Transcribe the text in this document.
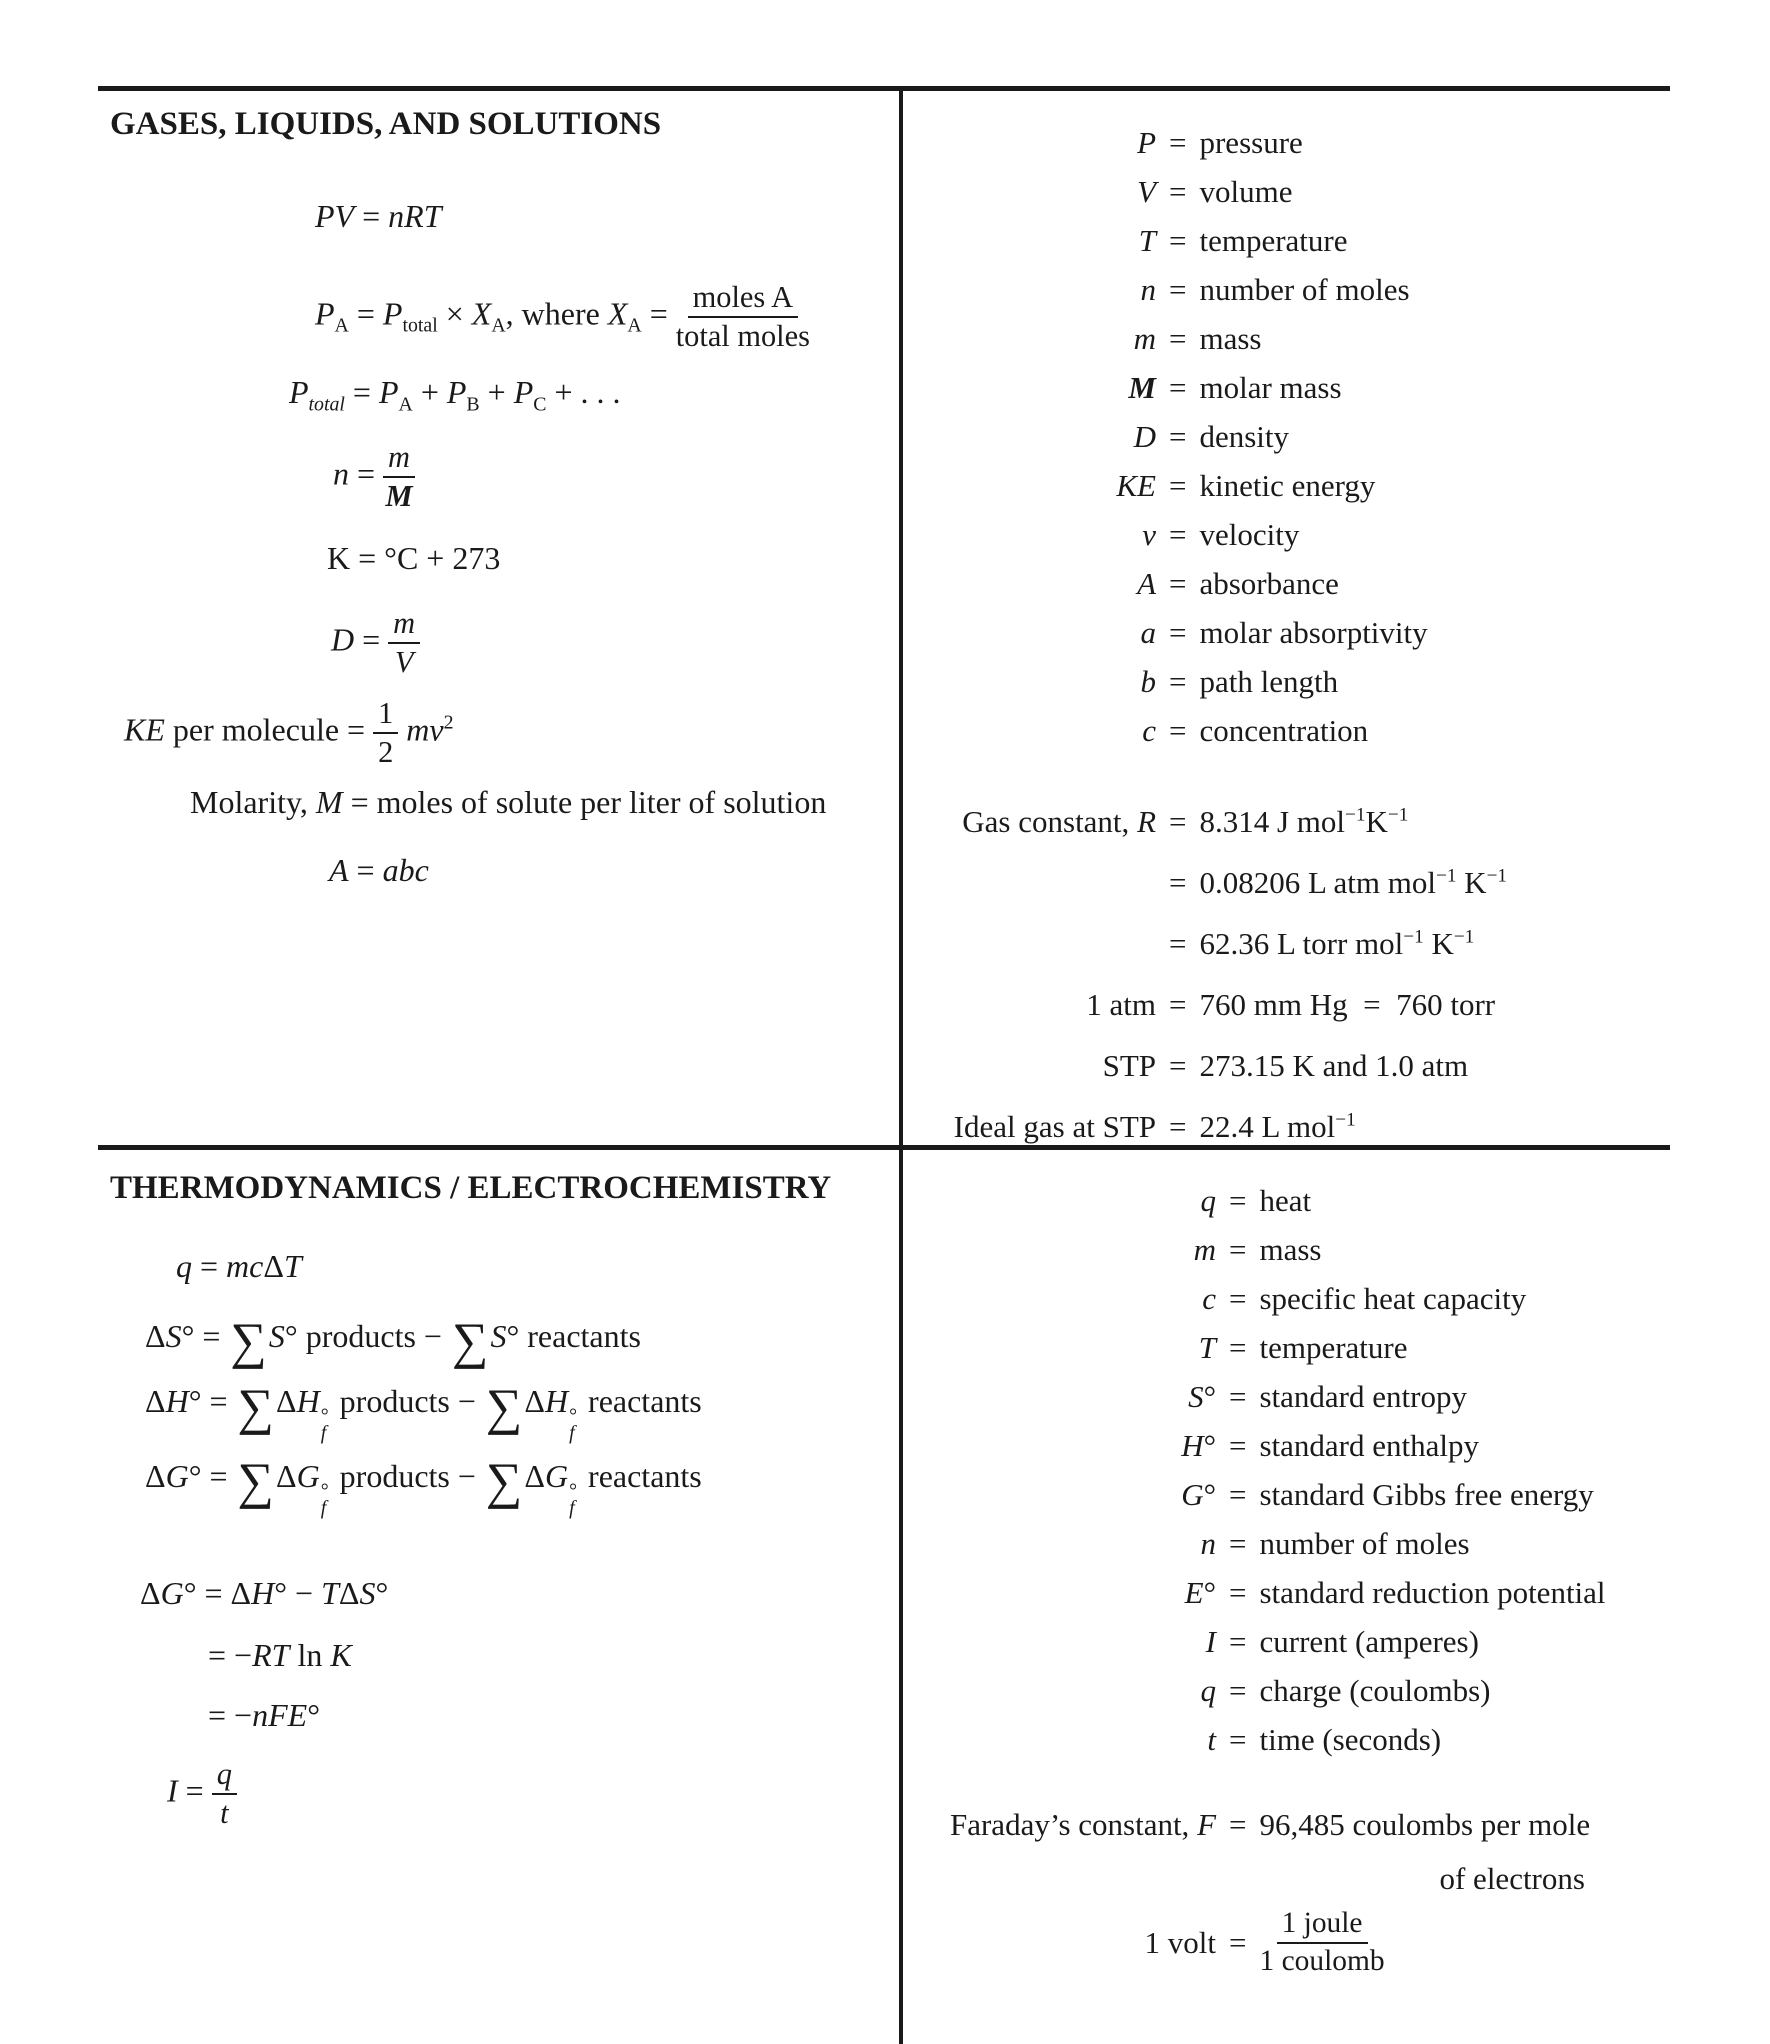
GASES, LIQUIDS, AND SOLUTIONS
PV = nRT
$P_A = P_{total} \times X_A$, where $X_A = \frac{\text{moles A}}{\text{total moles}}$
$P_{total} = P_A + P_B + P_C$ + . . .
$n = \frac{m}{M}$
K = °C + 273
$D = \frac{m}{V}$
KE per molecule = $\frac{1}{2} mv^2$
Molarity, M = moles of solute per liter of solution
A = abc
P	=	pressure
V	=	volume
T	=	temperature
n	=	number of moles
m	=	mass
M	=	molar mass
D	=	density
KE	=	kinetic energy
v	=	velocity
A	=	absorbance
a	=	molar absorptivity
b	=	path length
c	=	concentration
Gas constant, R	=	8.314 J $mol^{-1}K^{-1}$
	=	0.08206 L atm mol$^{-1}$ $K^{-1}$
	=	62.36 L torr mol$^{-1}$ $K^{-1}$
1 atm	=	760 mm Hg  =  760 torr
STP	=	273.15 K and 1.0 atm
Ideal gas at STP	=	22.4 L mol$^{-1}$
THERMODYNAMICS / ELECTROCHEMISTRY
q = mcΔT
ΔS° = ∑S° products − ∑S° reactants
ΔH° = ∑ΔH °
f
products − ∑ΔH °
f
reactants
ΔG° = ∑ΔG °
f
products − ∑ΔG °
f
reactants
ΔG° = ΔH° − TΔS°
= −RT ln K
= −nFE°
$I = \frac{q}{t}$
q	=	heat
m	=	mass
c	=	specific heat capacity
T	=	temperature
S°	=	standard entropy
H°	=	standard enthalpy
G°	=	standard Gibbs free energy
n	=	number of moles
E°	=	standard reduction potential
I	=	current (amperes)
q	=	charge (coulombs)
t	=	time (seconds)
Faraday’s constant, F	=	96,485 coulombs per mole
		of electrons
1 volt	=	$\frac{\text{1 joule}}{\text{1 coulomb}}$
